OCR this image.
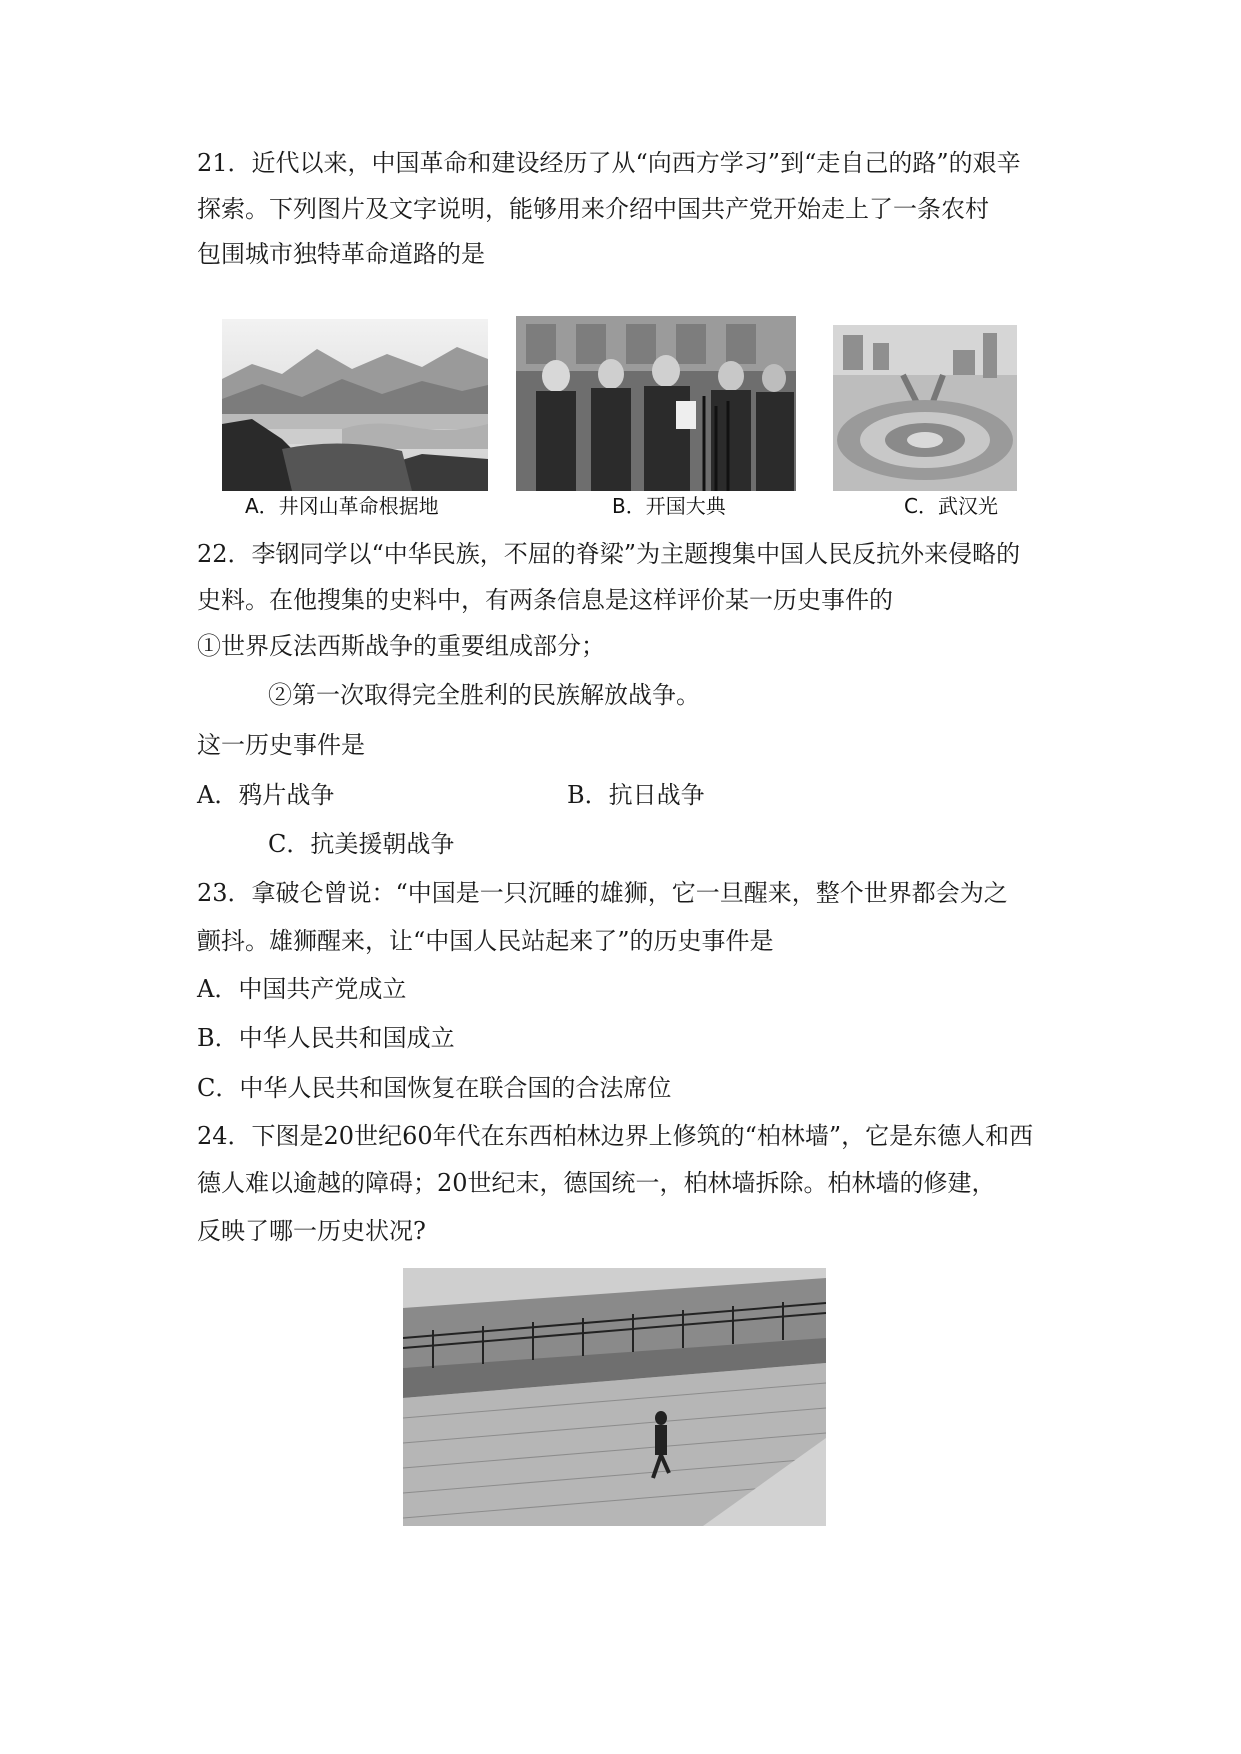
21．近代以来，中国革命和建设经历了从“向西方学习”到“走自己的路”的艰辛
探索。下列图片及文字说明，能够用来介绍中国共产党开始走上了一条农村
包围城市独特革命道路的是
A．井冈山革命根据地	B．开国大典	C．武汉光
22．李钢同学以“中华民族，不屈的脊梁”为主题搜集中国人民反抗外来侵略的
史料。在他搜集的史料中，有两条信息是这样评价某一历史事件的
①世界反法西斯战争的重要组成部分；
②第一次取得完全胜利的民族解放战争。
这一历史事件是
A．鸦片战争	B．抗日战争
C．抗美援朝战争
23．拿破仑曾说：“中国是一只沉睡的雄狮，它一旦醒来，整个世界都会为之
颤抖。雄狮醒来，让“中国人民站起来了”的历史事件是
A．中国共产党成立
B．中华人民共和国成立
C．中华人民共和国恢复在联合国的合法席位
24．下图是20世纪60年代在东西柏林边界上修筑的“柏林墙”，它是东德人和西
德人难以逾越的障碍；20世纪末，德国统一，柏林墙拆除。柏林墙的修建，
反映了哪一历史状况?
